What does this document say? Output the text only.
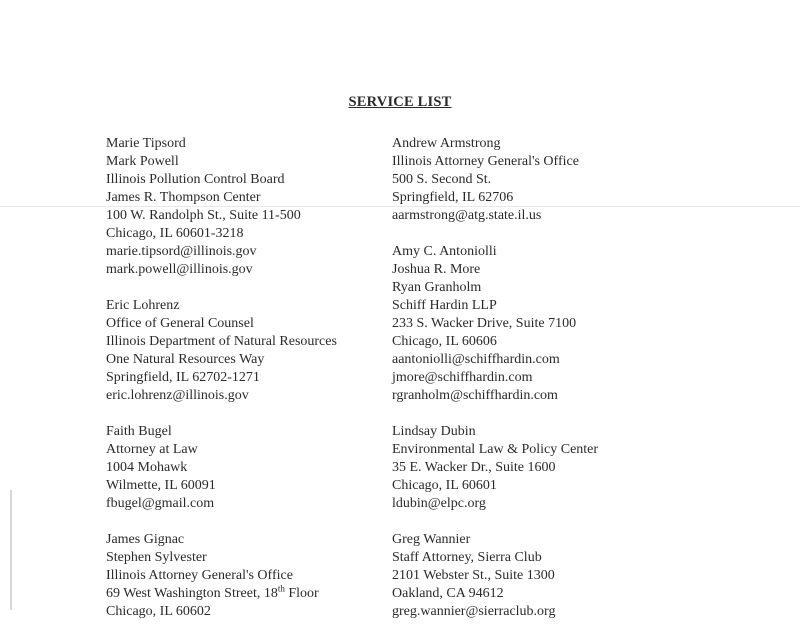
SERVICE LIST
Marie Tipsord
Mark Powell
Illinois Pollution Control Board
James R. Thompson Center
100 W. Randolph St., Suite 11-500
Chicago, IL 60601-3218
marie.tipsord@illinois.gov
mark.powell@illinois.gov
Eric Lohrenz
Office of General Counsel
Illinois Department of Natural Resources
One Natural Resources Way
Springfield, IL 62702-1271
eric.lohrenz@illinois.gov
Faith Bugel
Attorney at Law
1004 Mohawk
Wilmette, IL 60091
fbugel@gmail.com
James Gignac
Stephen Sylvester
Illinois Attorney General's Office
69 West Washington Street, 18th Floor
Chicago, IL 60602
Andrew Armstrong
Illinois Attorney General's Office
500 S. Second St.
Springfield, IL 62706
aarmstrong@atg.state.il.us
Amy C. Antoniolli
Joshua R. More
Ryan Granholm
Schiff Hardin LLP
233 S. Wacker Drive, Suite 7100
Chicago, IL 60606
aantoniolli@schiffhardin.com
jmore@schiffhardin.com
rgranholm@schiffhardin.com
Lindsay Dubin
Environmental Law & Policy Center
35 E. Wacker Dr., Suite 1600
Chicago, IL 60601
ldubin@elpc.org
Greg Wannier
Staff Attorney, Sierra Club
2101 Webster St., Suite 1300
Oakland, CA 94612
greg.wannier@sierraclub.org
